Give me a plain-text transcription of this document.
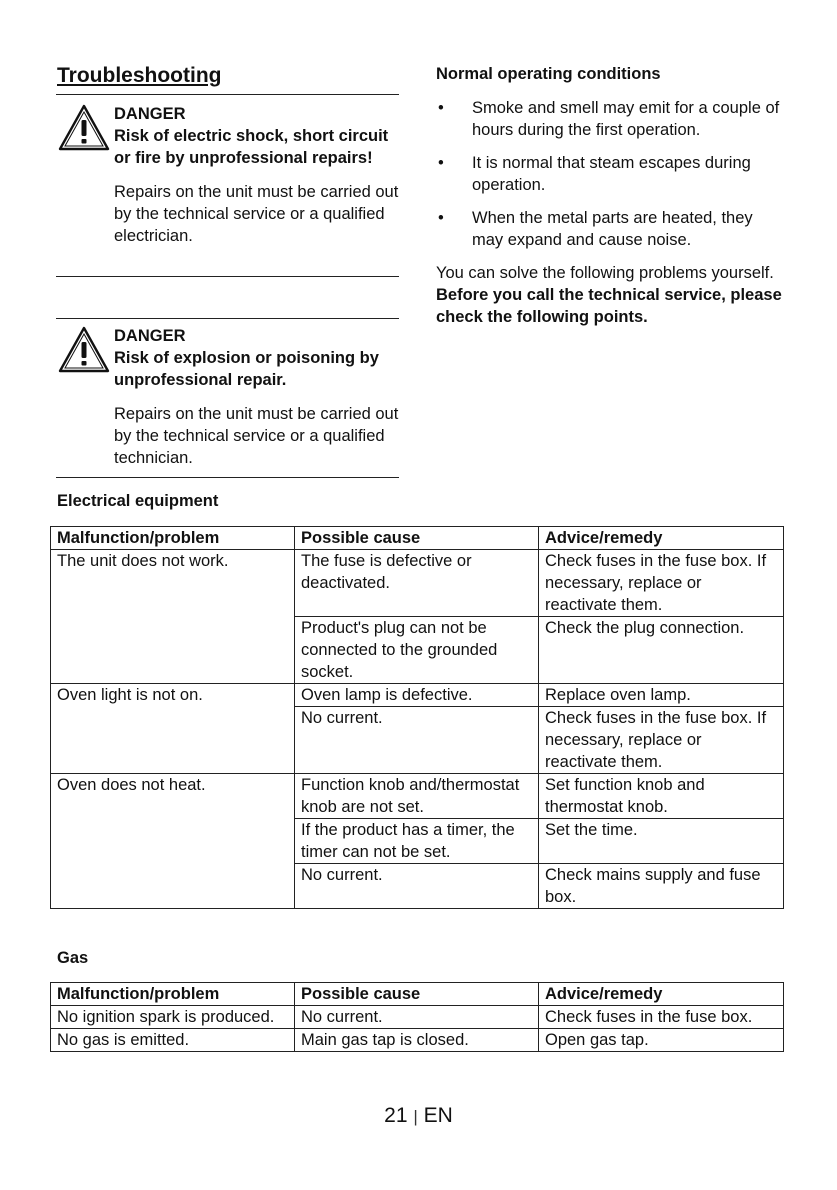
Troubleshooting
DANGER
Risk of electric shock, short circuit or fire by unprofessional repairs!
Repairs on the unit must be carried out by the technical service or a qualified electrician.
DANGER
Risk of explosion or poisoning by unprofessional repair.
Repairs on the unit must be carried out by the technical service or a qualified technician.
Normal operating conditions
• Smoke and smell may emit for a couple of hours during the first operation.
• It is normal that steam escapes during operation.
• When the metal parts are heated, they may expand and cause noise.
You can solve the following problems yourself. Before you call the technical service, please check the following points.
Electrical equipment
Malfunction/problem	Possible cause	Advice/remedy
The unit does not work.	The fuse is defective or deactivated.	Check fuses in the fuse box. If necessary, replace or reactivate them.
	Product's plug can not be connected to the grounded socket.	Check the plug connection.
Oven light is not on.	Oven lamp is defective.	Replace oven lamp.
	No current.	Check fuses in the fuse box. If necessary, replace or reactivate them.
Oven does not heat.	Function knob and/thermostat knob are not set.	Set function knob and thermostat knob.
	If the product has a timer, the timer can not be set.	Set the time.
	No current.	Check mains supply and fuse box.
Gas
Malfunction/problem	Possible cause	Advice/remedy
No ignition spark is produced.	No current.	Check fuses in the fuse box.
No gas is emitted.	Main gas tap is closed.	Open gas tap.
21 | EN
